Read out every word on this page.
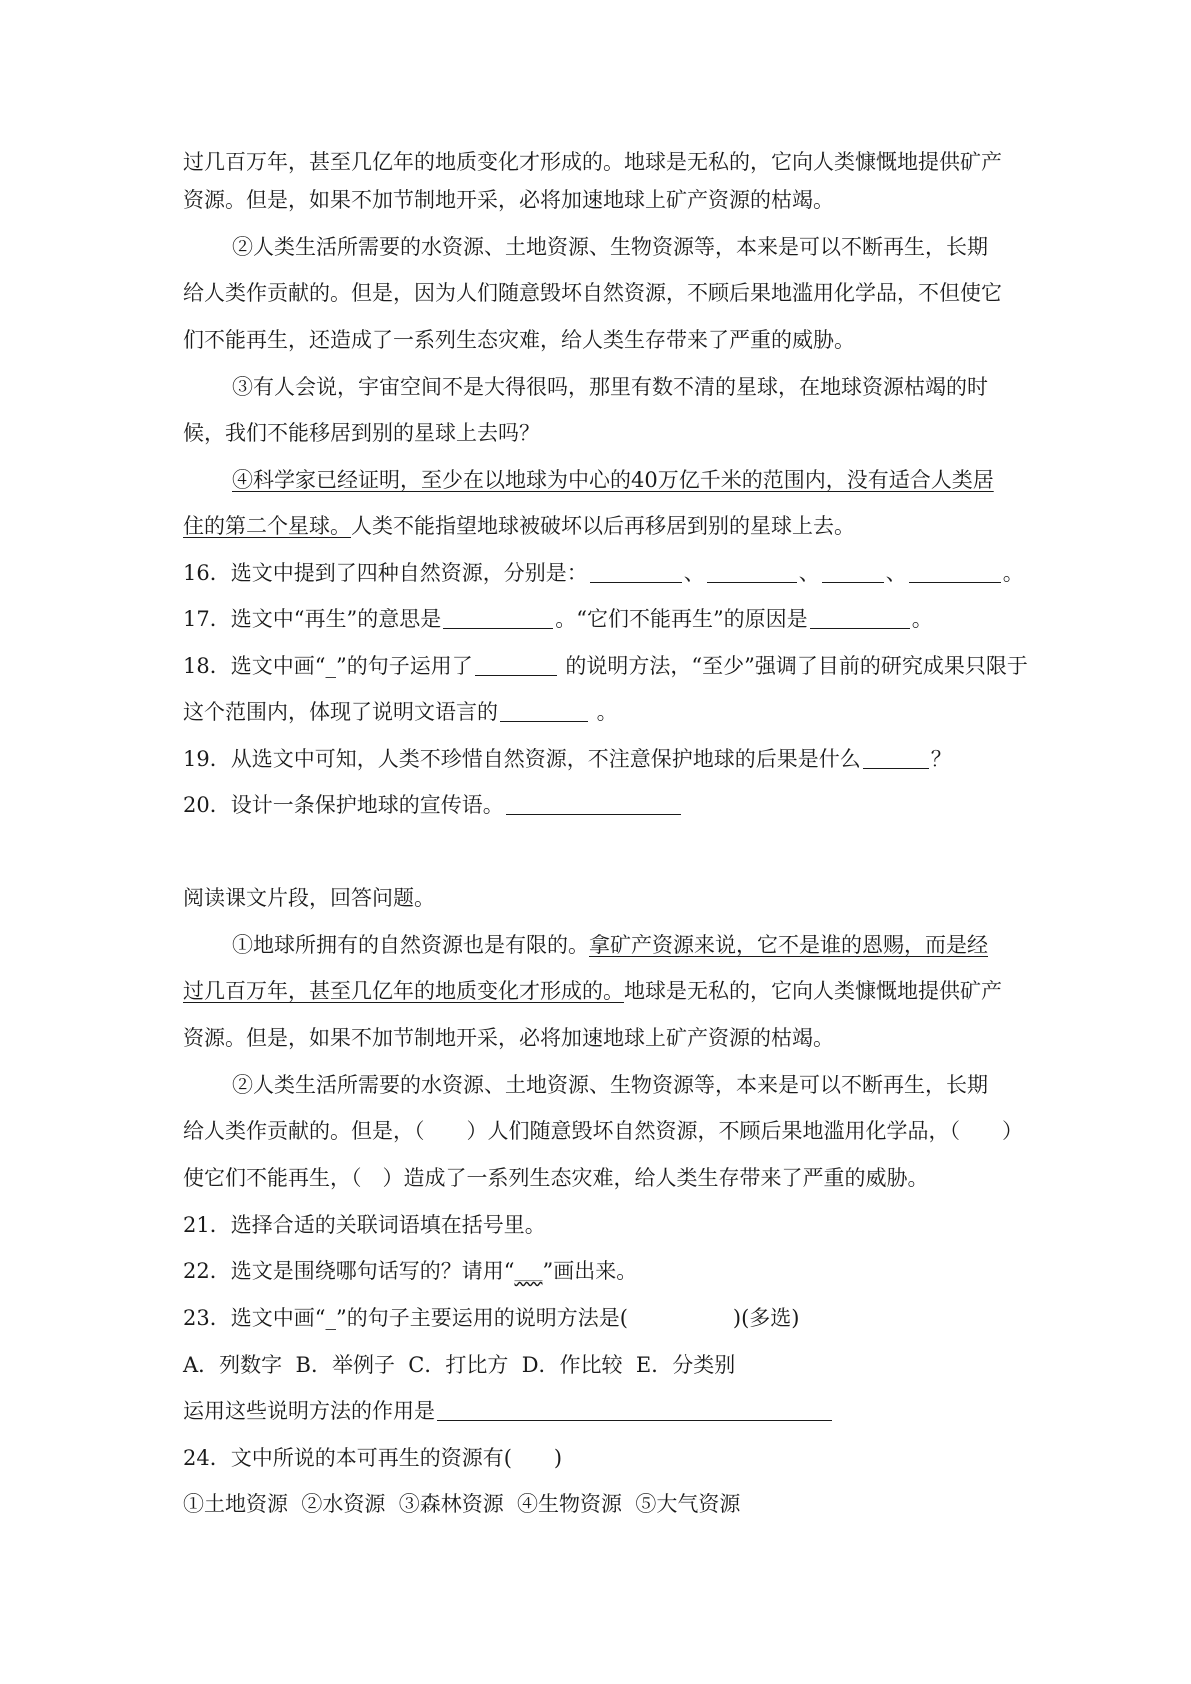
过几百万年，甚至几亿年的地质变化才形成的。地球是无私的，它向人类慷慨地提供矿产
资源。但是，如果不加节制地开采，必将加速地球上矿产资源的枯竭。
②人类生活所需要的水资源、土地资源、生物资源等，本来是可以不断再生，长期
给人类作贡献的。但是，因为人们随意毁坏自然资源，不顾后果地滥用化学品，不但使它
们不能再生，还造成了一系列生态灾难，给人类生存带来了严重的威胁。
③有人会说，宇宙空间不是大得很吗，那里有数不清的星球，在地球资源枯竭的时
候，我们不能移居到别的星球上去吗？
④科学家已经证明，至少在以地球为中心的40万亿千米的范围内，没有适合人类居
住的第二个星球。人类不能指望地球被破坏以后再移居到别的星球上去。
16．选文中提到了四种自然资源，分别是：	、	、	、	。
17．选文中“再生”的意思是	。“它们不能再生”的原因是	。
18．选文中画“_”的句子运用了	的说明方法，“至少”强调了目前的研究成果只限于
这个范围内，体现了说明文语言的	。
19．从选文中可知，人类不珍惜自然资源，不注意保护地球的后果是什么	？
20．设计一条保护地球的宣传语。
阅读课文片段，回答问题。
①地球所拥有的自然资源也是有限的。拿矿产资源来说，它不是谁的恩赐，而是经
过几百万年，甚至几亿年的地质变化才形成的。地球是无私的，它向人类慷慨地提供矿产
资源。但是，如果不加节制地开采，必将加速地球上矿产资源的枯竭。
②人类生活所需要的水资源、土地资源、生物资源等，本来是可以不断再生，长期
给人类作贡献的。但是，（　　）人们随意毁坏自然资源，不顾后果地滥用化学品，（　　）
使它们不能再生，（　）造成了一系列生态灾难，给人类生存带来了严重的威胁。
21．选择合适的关联词语填在括号里。
22．选文是围绕哪句话写的？请用“____”画出来。
23．选文中画“_”的句子主要运用的说明方法是(　　　　　)(多选)
A．列数字  B．举例子  C．打比方  D．作比较  E．分类别
运用这些说明方法的作用是
24．文中所说的本可再生的资源有(　　)
①土地资源  ②水资源  ③森林资源  ④生物资源  ⑤大气资源
